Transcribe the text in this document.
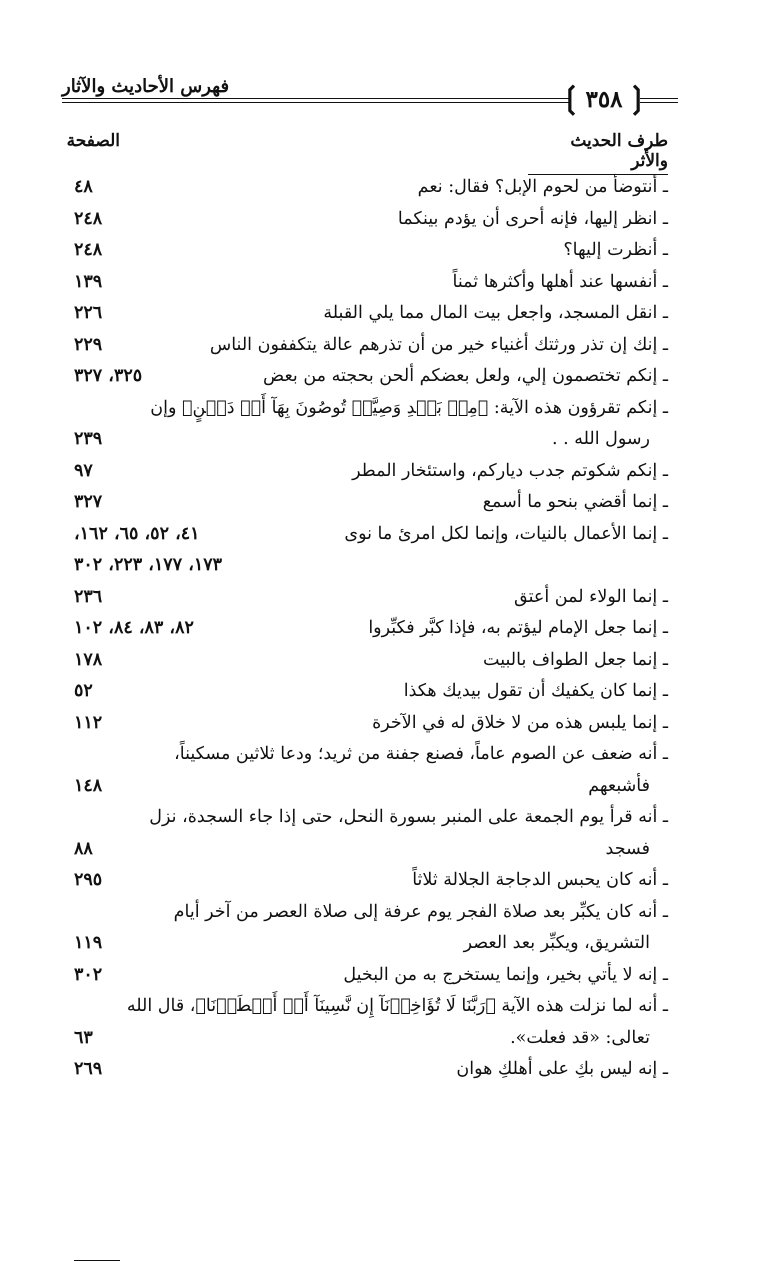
فهرس الأحاديث والآثار	❲
٣٥٨
❳
طرف الحديث والأثر
الصفحة
ـ أنتوضأ من لحوم الإبل؟ فقال: نعم
٤٨
ـ انظر إليها، فإنه أحرى أن يؤدم بينكما
٢٤٨
ـ أنظرت إليها؟
٢٤٨
ـ أنفسها عند أهلها وأكثرها ثمناً
١٣٩
ـ انقل المسجد، واجعل بيت المال مما يلي القبلة
٢٢٦
ـ إنك إن تذر ورثتك أغنياء خير من أن تذرهم عالة يتكففون الناس
٢٢٩
ـ إنكم تختصمون إلي، ولعل بعضكم ألحن بحجته من بعض
٣٢٥، ٣٢٧
ـ إنكم تقرؤون هذه الآية: ﴿مِنۢ بَعۡدِ وَصِيَّةٖ تُوصُونَ بِهَآ أَوۡ دَيۡنٍ﴾ وإن
رسول الله . .
٢٣٩
ـ إنكم شكوتم جدب دياركم، واستئخار المطر
٩٧
ـ إنما أقضي بنحو ما أسمع
٣٢٧
ـ إنما الأعمال بالنيات، وإنما لكل امرئ ما نوى
٤١، ٥٢، ٦٥، ١٦٢،
١٧٣، ١٧٧، ٢٢٣، ٣٠٢
ـ إنما الولاء لمن أعتق
٢٣٦
ـ إنما جعل الإمام ليؤتم به، فإذا كبَّر فكبِّروا
٨٢، ٨٣، ٨٤، ١٠٢
ـ إنما جعل الطواف بالبيت
١٧٨
ـ إنما كان يكفيك أن تقول بيديك هكذا
٥٢
ـ إنما يلبس هذه من لا خلاق له في الآخرة
١١٢
ـ أنه ضعف عن الصوم عاماً، فصنع جفنة من ثريد؛ ودعا ثلاثين مسكيناً،
فأشبعهم
١٤٨
ـ أنه قرأ يوم الجمعة على المنبر بسورة النحل، حتى إذا جاء السجدة، نزل
فسجد
٨٨
ـ أنه كان يحبس الدجاجة الجلالة ثلاثاً
٢٩٥
ـ أنه كان يكبِّر بعد صلاة الفجر يوم عرفة إلى صلاة العصر من آخر أيام
التشريق، ويكبِّر بعد العصر
١١٩
ـ إنه لا يأتي بخير، وإنما يستخرج به من البخيل
٣٠٢
ـ أنه لما نزلت هذه الآية ﴿رَبَّنَا لَا تُؤَاخِذۡنَآ إِن نَّسِينَآ أَوۡ أَخۡطَأۡنَا﴾، قال الله
تعالى: «قد فعلت».
٦٣
ـ إنه ليس بكِ على أهلكِ هوان
٢٦٩
